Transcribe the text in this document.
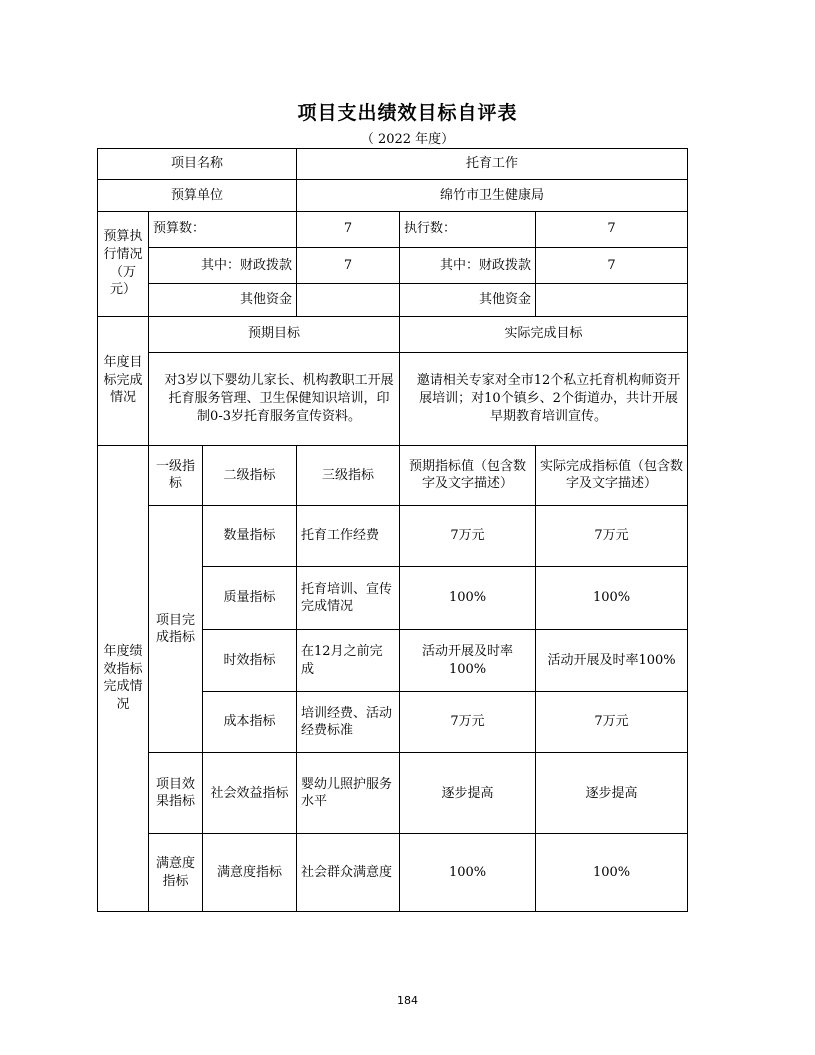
项目支出绩效目标自评表
（ 2022 年度）
项目名称			托育工作		
预算单位			绵竹市卫生健康局		
预算执行情况（万元）	预算数：		7	执行数：	7
	其中：财政拨款		7	其中：财政拨款	7
	其他资金			其他资金	
年度目标完成情况	预期目标			实际完成目标	
	对3岁以下婴幼儿家长、机构教职工开展托育服务管理、卫生保健知识培训，印制0-3岁托育服务宣传资料。			邀请相关专家对全市12个私立托育机构师资开展培训；对10个镇乡、2个街道办，共计开展早期教育培训宣传。	
年度绩效指标完成情况	一级指标	二级指标	三级指标	预期指标值（包含数字及文字描述）	实际完成指标值（包含数字及文字描述）
	项目完成指标	数量指标	托育工作经费	7万元	7万元
		质量指标	托育培训、宣传完成情况	100%	100%
		时效指标	在12月之前完成	活动开展及时率100%	活动开展及时率100%
		成本指标	培训经费、活动经费标准	7万元	7万元
	项目效果指标	社会效益指标	婴幼儿照护服务水平	逐步提高	逐步提高
	满意度指标	满意度指标	社会群众满意度	100%	100%
184
